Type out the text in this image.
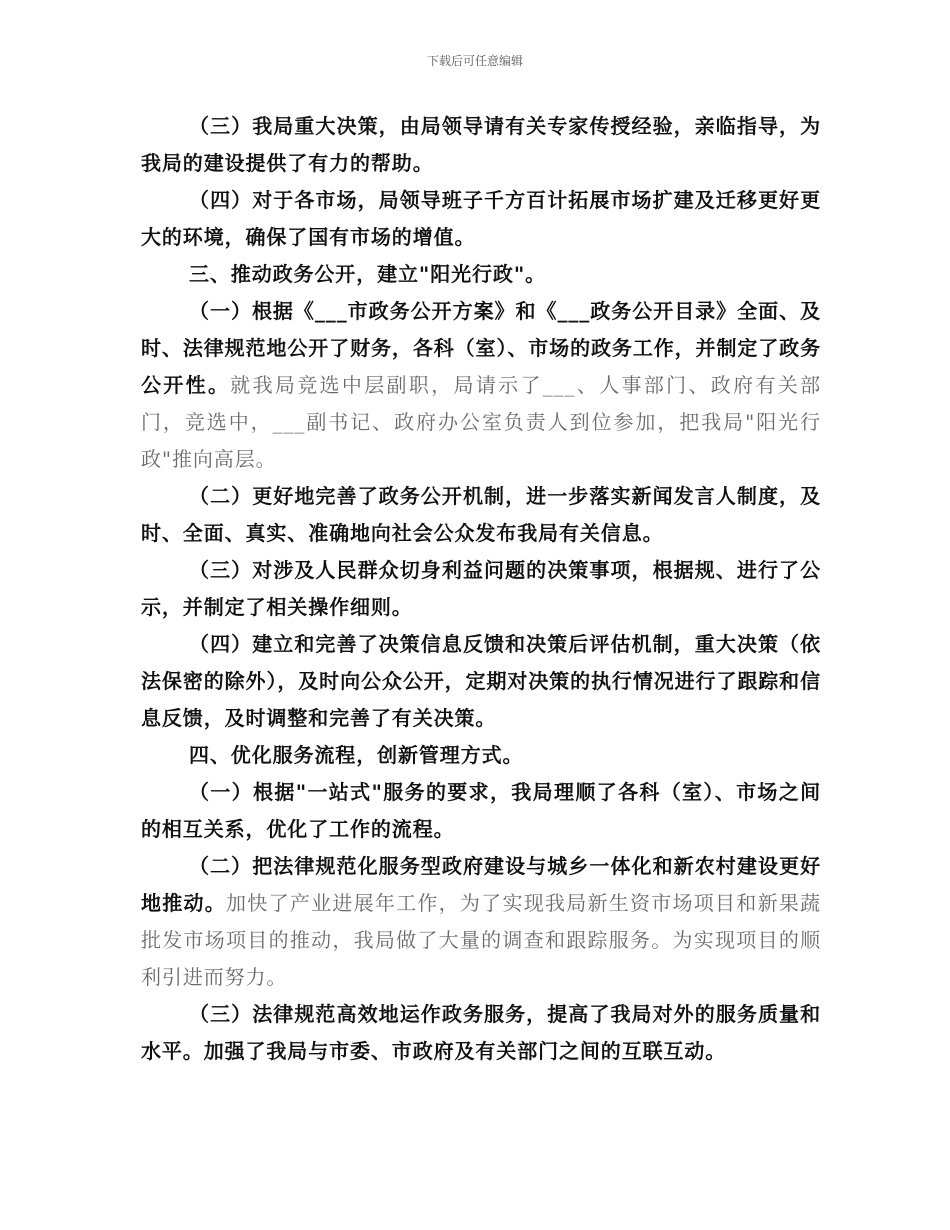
下载后可任意编辑

（三）我局重大决策，由局领导请有关专家传授经验，亲临指导，为我局的建设提供了有力的帮助。

（四）对于各市场，局领导班子千方百计拓展市场扩建及迁移更好更大的环境，确保了国有市场的增值。

三、推动政务公开，建立"阳光行政"。

（一）根据《___市政务公开方案》和《___政务公开目录》全面、及时、法律规范地公开了财务，各科（室）、市场的政务工作，并制定了政务公开性。就我局竞选中层副职，局请示了___、人事部门、政府有关部门，竞选中，___副书记、政府办公室负责人到位参加，把我局"阳光行政"推向高层。

（二）更好地完善了政务公开机制，进一步落实新闻发言人制度，及时、全面、真实、准确地向社会公众发布我局有关信息。

（三）对涉及人民群众切身利益问题的决策事项，根据规、进行了公示，并制定了相关操作细则。

（四）建立和完善了决策信息反馈和决策后评估机制，重大决策（依法保密的除外），及时向公众公开，定期对决策的执行情况进行了跟踪和信息反馈，及时调整和完善了有关决策。

四、优化服务流程，创新管理方式。

（一）根据"一站式"服务的要求，我局理顺了各科（室）、市场之间的相互关系，优化了工作的流程。

（二）把法律规范化服务型政府建设与城乡一体化和新农村建设更好地推动。加快了产业进展年工作，为了实现我局新生资市场项目和新果蔬批发市场项目的推动，我局做了大量的调查和跟踪服务。为实现项目的顺利引进而努力。

（三）法律规范高效地运作政务服务，提高了我局对外的服务质量和水平。加强了我局与市委、市政府及有关部门之间的互联互动。
